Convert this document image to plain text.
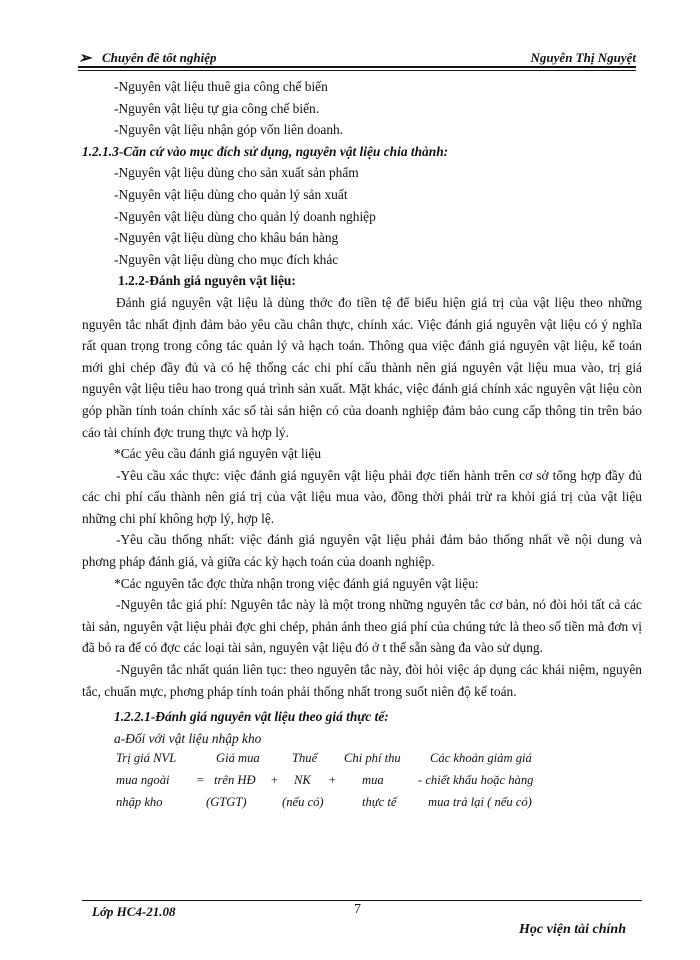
➢ Chuyên đề tốt nghiệp	Nguyễn Thị Nguyệt
-Nguyên vật liệu thuê gia công chế biến
-Nguyên vật liệu tự gia công chế biến.
-Nguyên vật liệu nhận góp vốn liên doanh.
1.2.1.3-Căn cứ vào mục đích sử dụng, nguyên vật liệu chia thành:
-Nguyên vật liệu dùng cho sản xuất sản phẩm
-Nguyên vật liệu dùng cho quản lý sản xuất
-Nguyên vật liệu dùng cho quản lý doanh nghiệp
-Nguyên vật liệu dùng cho khâu bán hàng
-Nguyên vật liệu dùng cho mục đích khác
1.2.2-Đánh giá nguyên vật liệu:
Đánh giá nguyên vật liệu là dùng thớc đo tiền tệ để biểu hiện giá trị của vật liệu theo những nguyên tắc nhất định đảm bảo yêu cầu chân thực, chính xác. Việc đánh giá nguyên vật liệu có ý nghĩa rất quan trọng trong công tác quản lý và hạch toán. Thông qua việc đánh giá nguyên vật liệu, kế toán mới ghi chép đầy đủ và có hệ thống các chi phí cấu thành nên giá nguyên vật liệu mua vào, trị giá nguyên vật liệu tiêu hao trong quá trình sản xuất. Mặt khác, việc đánh giá chính xác nguyên vật liệu còn góp phần tính toán chính xác số tài sản hiện có của doanh nghiệp đảm bảo cung cấp thông tin trên báo cáo tài chính đợc trung thực và hợp lý.
*Các yêu cầu đánh giá nguyên vật liệu
-Yêu cầu xác thực: việc đánh giá nguyên vật liệu phải đợc tiến hành trên cơ sở tổng hợp đầy đủ các chi phí cấu thành nên giá trị của vật liệu mua vào, đồng thời phải trừ ra khỏi giá trị của vật liệu những chi phí không hợp lý, hợp lệ.
-Yêu cầu thống nhất: việc đánh giá nguyên vật liệu phải đảm bảo thống nhất về nội dung và phơng pháp đánh giá, và giữa các kỳ hạch toán của doanh nghiệp.
*Các nguyên tắc đợc thừa nhận trong việc đánh giá nguyên vật liệu:
-Nguyên tắc giá phí: Nguyên tắc này là một trong những nguyên tắc cơ bản, nó đòi hỏi tất cả các tài sản, nguyên vật liệu phải đợc ghi chép, phản ánh theo giá phí của chúng tức là theo số tiền mà đơn vị đã bỏ ra để có đợc các loại tài sản, nguyên vật liệu đó ở t thế sẵn sàng đa vào sử dụng.
-Nguyên tắc nhất quán liên tục: theo nguyên tắc này, đòi hỏi việc áp dụng các khái niệm, nguyên tắc, chuẩn mực, phơng pháp tính toán phải thống nhất trong suốt niên độ kế toán.
1.2.2.1-Đánh giá nguyên vật liệu theo giá thực tế:
a-Đối với vật liệu nhập kho
Trị giá NVL	Giá mua	Thuế Chi phí thu Các khoản giảm giá
mua ngoài = trên HĐ + NK + mua	- chiết khấu hoặc hàng
nhập kho	(GTGT)	(nếu có)	thực tế	mua trả lại ( nếu có)
Lớp HC4-21.08	7
Học viện tài chính
